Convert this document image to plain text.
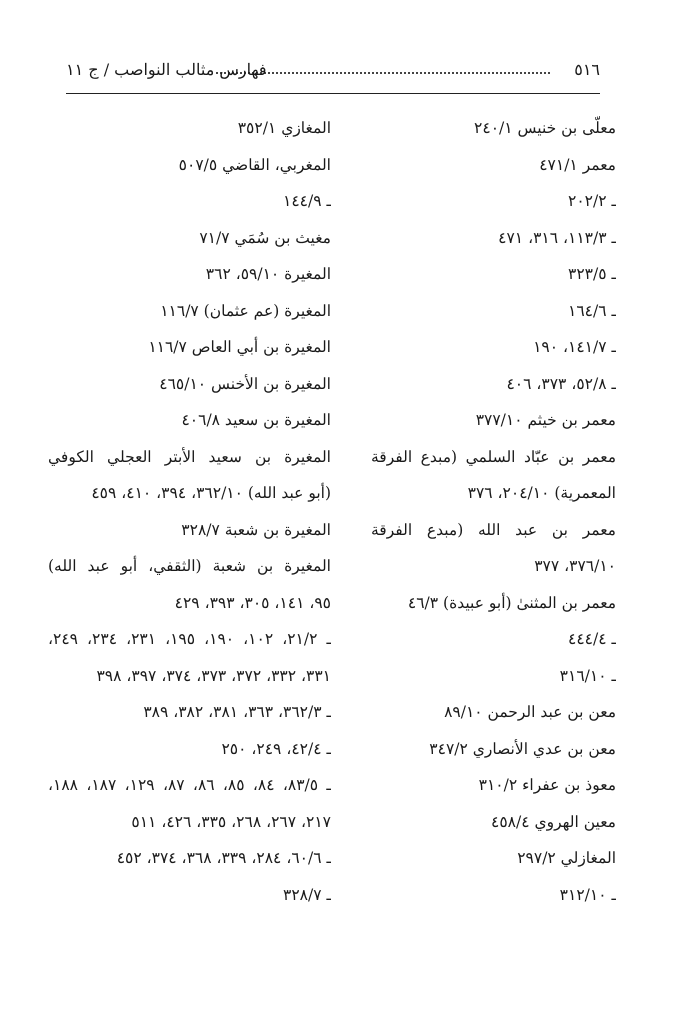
٥١٦
فهارس مثالب النواصب / ج ١١
معلّى بن خنيس ٢٤٠/١
معمر ٤٧١/١
ـ ٢٠٢/٢
ـ ١١٣/٣، ٣١٦، ٤٧١
ـ ٣٢٣/٥
ـ ١٦٤/٦
ـ ١٤١/٧، ١٩٠
ـ ٥٢/٨، ٣٧٣، ٤٠٦
معمر بن خيثم ٣٧٧/١٠
معمر بن عبّاد السلمي (مبدع الفرقة
المعمرية) ٢٠٤/١٠، ٣٧٦
معمر بن عبد الله (مبدع الفرقة
٣٧٦/١٠، ٣٧٧
معمر بن المثنىٰ (أبو عبيدة) ٤٦/٣
ـ ٤٤٤/٤
ـ ٣١٦/١٠
معن بن عبد الرحمن ٨٩/١٠
معن بن عدي الأنصاري ٣٤٧/٢
معوذ بن عفراء ٣١٠/٢
معين الهروي ٤٥٨/٤
المغازلي ٢٩٧/٢
ـ ٣١٢/١٠
المغازي ٣٥٢/١
المغربي، القاضي ٥٠٧/٥
ـ ١٤٤/٩
مغيث بن سُمَي ٧١/٧
المغيرة ٥٩/١٠، ٣٦٢
المغيرة (عم عثمان) ١١٦/٧
المغيرة بن أبي العاص ١١٦/٧
المغيرة بن الأخنس ٤٦٥/١٠
المغيرة بن سعيد ٤٠٦/٨
المغيرة بن سعيد الأبتر العجلي الكوفي
(أبو عبد الله) ٣٦٢/١٠، ٣٩٤، ٤١٠، ٤٥٩
المغيرة بن شعبة ٣٢٨/٧
المغيرة بن شعبة (الثقفي، أبو عبد الله)
٩٥، ١٤١، ٣٠٥، ٣٩٣، ٤٢٩
ـ ٢١/٢، ١٠٢، ١٩٠، ١٩٥، ٢٣١، ٢٣٤، ٢٤٩،
٣٣١، ٣٣٢، ٣٧٢، ٣٧٣، ٣٧٤، ٣٩٧، ٣٩٨
ـ ٣٦٢/٣، ٣٦٣، ٣٨١، ٣٨٢، ٣٨٩
ـ ٤٢/٤، ٢٤٩، ٢٥٠
ـ ٨٣/٥، ٨٤، ٨٥، ٨٦، ٨٧، ١٢٩، ١٨٧، ١٨٨،
٢١٧، ٢٦٧، ٢٦٨، ٣٣٥، ٤٢٦، ٥١١
ـ ٦٠/٦، ٢٨٤، ٣٣٩، ٣٦٨، ٣٧٤، ٤٥٢
ـ ٣٢٨/٧
